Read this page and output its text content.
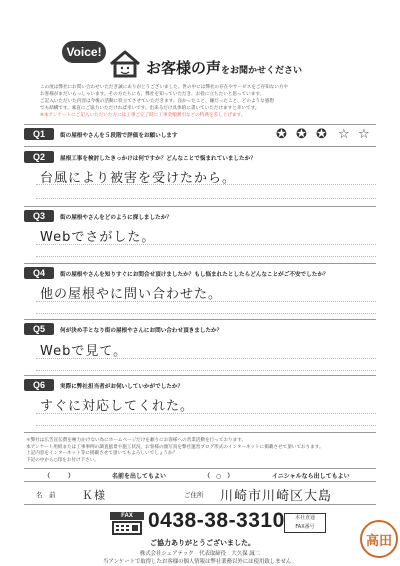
Voice!
お客様の声をお聞かせください

この度は弊社にお問い合わせいただき誠にありがとうございました。世の中には弊社の存在やサービスをご存知ない方や

お客様がまだいらっしゃいます。その方たちにも、弊社を知っていただき、お役に立ちたいと思っています。

ご記入いただいた内容は今後の活動に役立てさせていただきます。良かったこと、嫌だったこと、どのような感想

でも結構です。素直にご協力いただければ幸いです。出来るだけ具体的に書いていただけますと幸いです。

※本アンケートにご記入いただいた方には工事ご完了時に工事金額割引などの特典を差し上げます。

Q1	街の屋根やさんを５段階で評価をお願いします	✪ ✪ ✪ ☆ ☆
Q2	屋根工事を検討したきっかけは何ですか？どんなことで悩まれていましたか？
台風により被害を受けたから。
Q3	街の屋根やさんをどのように探しましたか？
Webでさがした。
Q4	街の屋根やさんを知りすぐにお問合せ頂けましたか？もし悩まれたとしたらどんなことがご不安でしたか？
他の屋根やに問い合わせた。
Q5	何が決め手となり街の屋根やさんにお問い合わせ頂きましたか？
Webで見て。
Q6	実際に弊社担当者がお伺いしていかがでしたか？
すぐに対応してくれた。

＊弊社は広告宣伝費を極力かけない為にホームページだけを頼りにお客様への営業活動を行っております。

本アンケート用紙または工事事例の調査風景や施工状況、お客様の顔写真を弊社運営ブログ形式のインターネットに掲載させて頂いております。

上記内容をインターネット等に掲載させて頂いてもよろしいでしょうか？

下記の中から○印をお付け下さい。

（　　　）	名前を出してもよい	（　○　）	イニシャルなら出してもよい
名　前 Ｋ様	ご住所 川崎市川崎区大島
FAX 0438-38-3310	本社直通
FAX番号
ご協力ありがとうございました。
株式会社シェアテック　代表取締役　大久保 誠二
当アンケートで取得したお客様の個人情報は弊社業務以外には使用致しません。
高田
